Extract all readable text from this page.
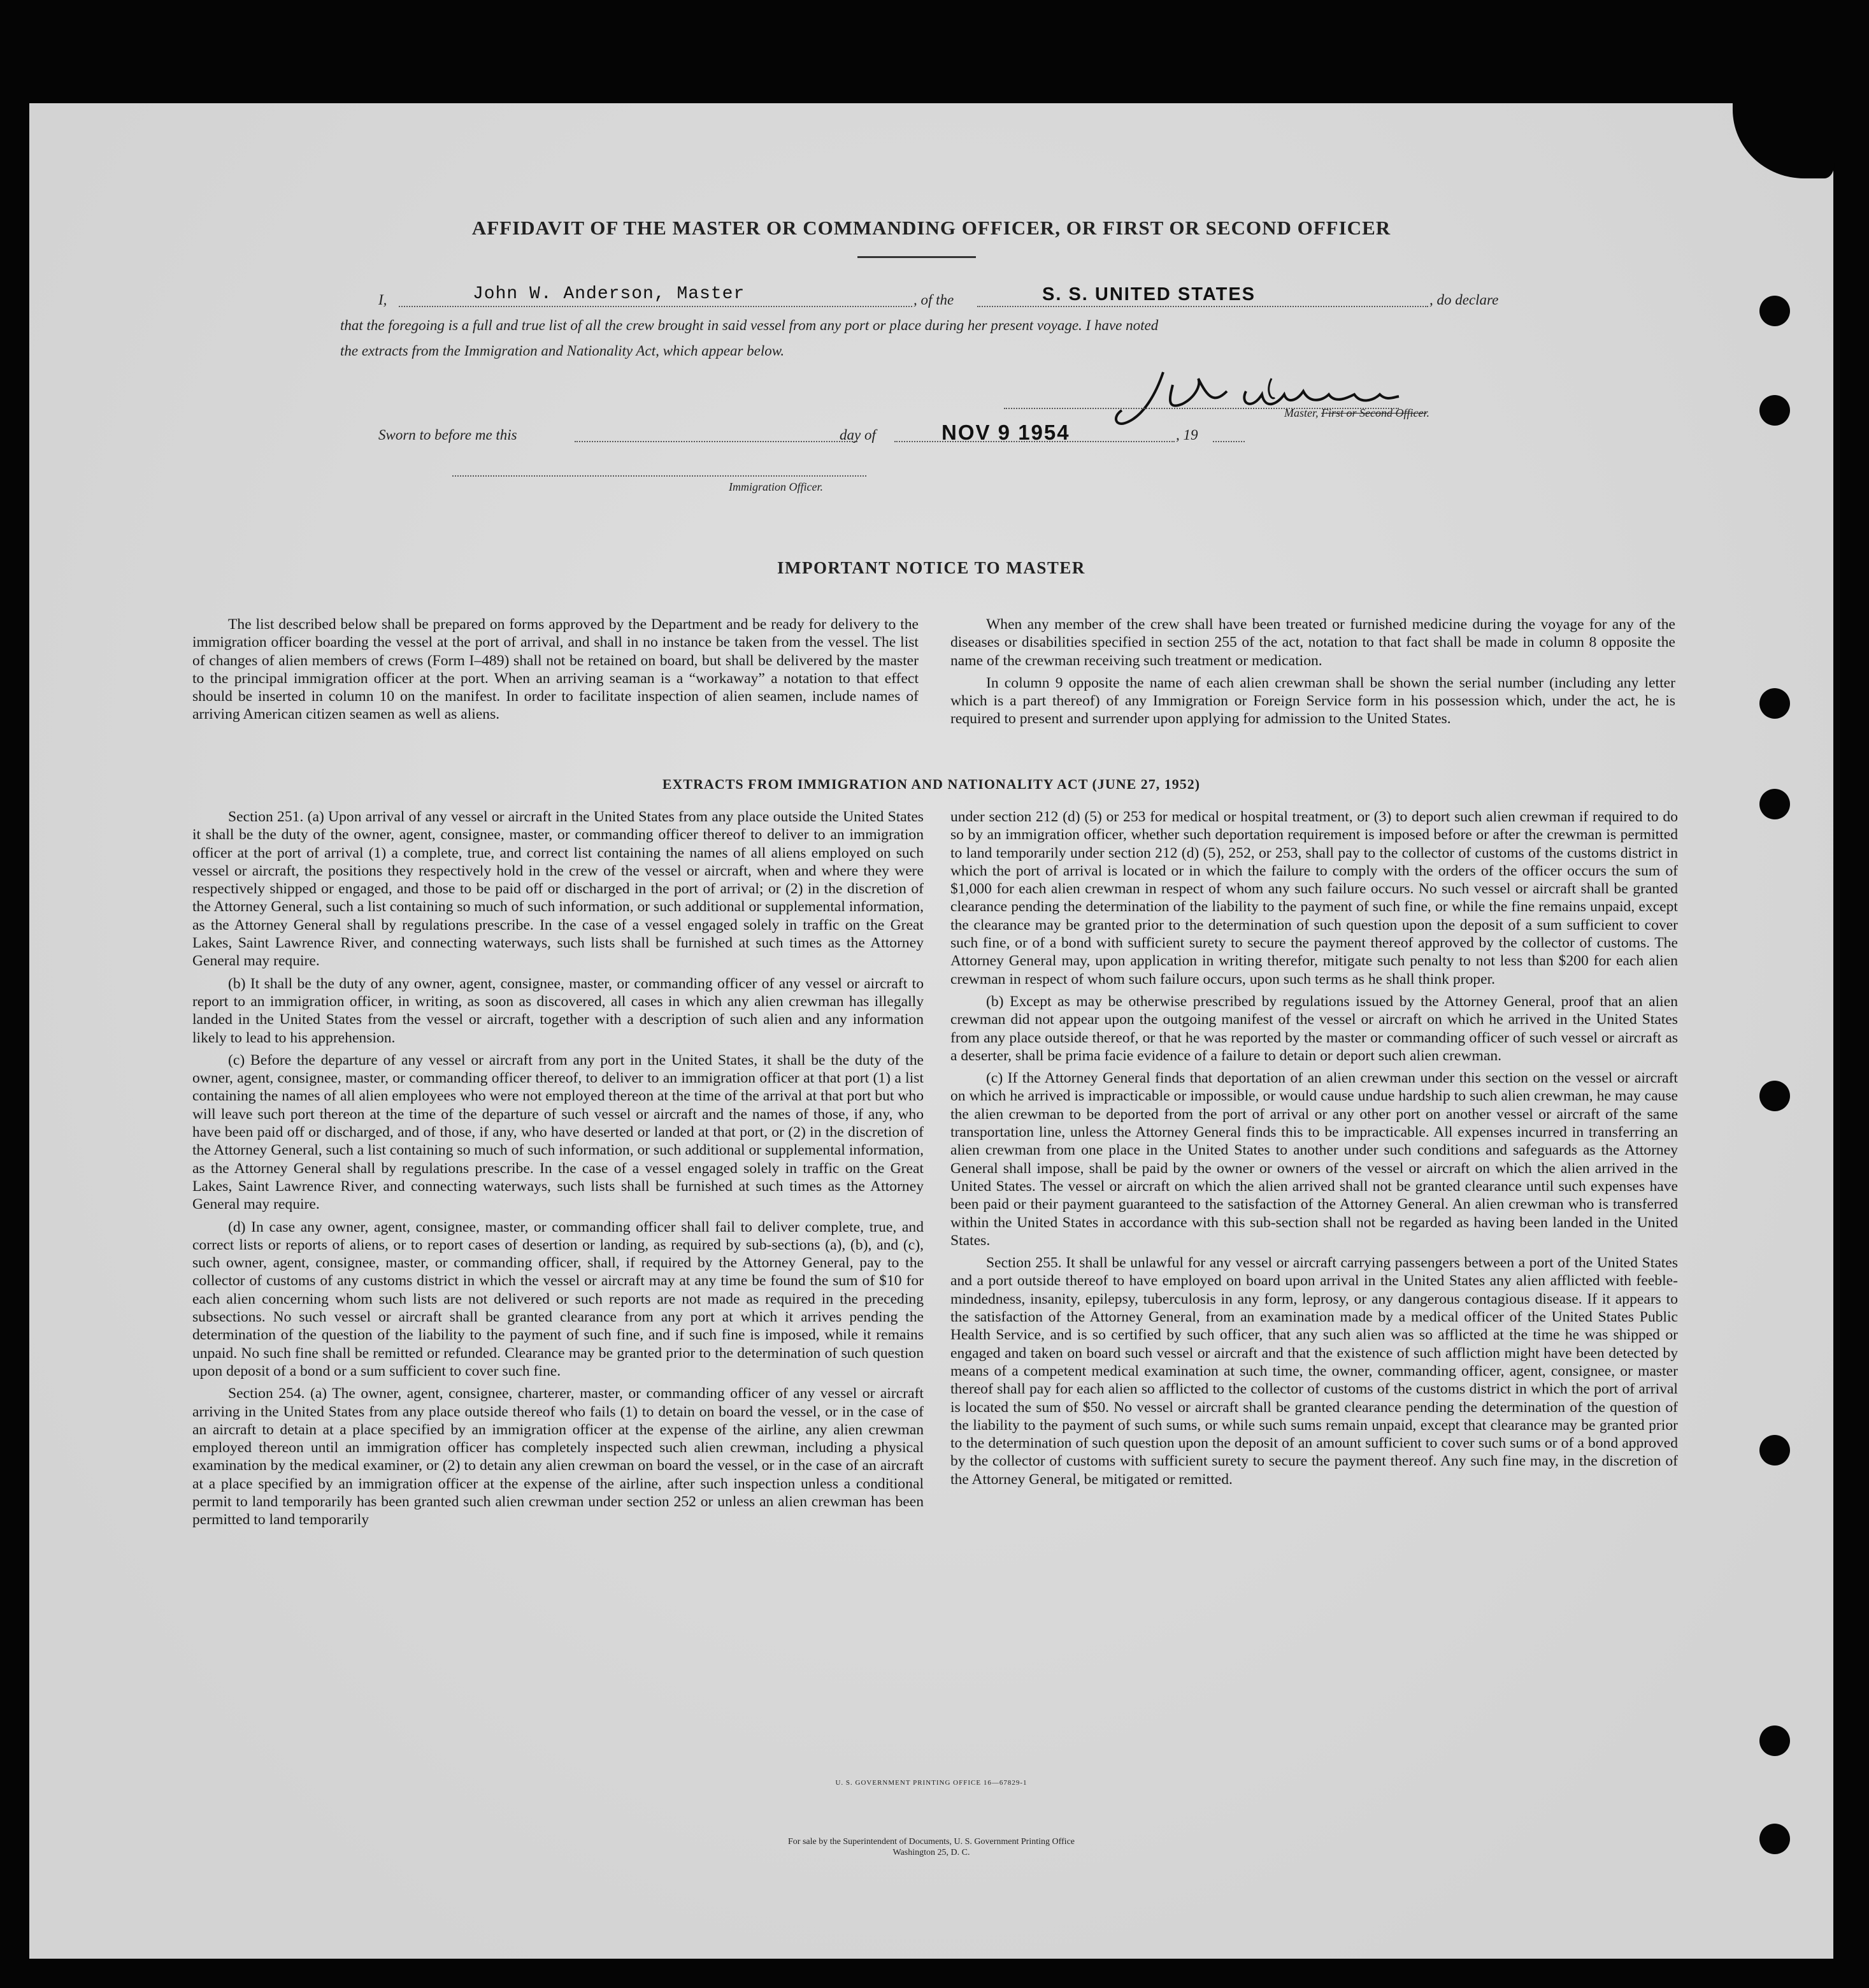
AFFIDAVIT OF THE MASTER OR COMMANDING OFFICER, OR FIRST OR SECOND OFFICER
I,	John W. Anderson, Master	, of the	S. S. UNITED STATES	, do declare
that the foregoing is a full and true list of all the crew brought in said vessel from any port or place during her present voyage. I have noted
the extracts from the Immigration and Nationality Act, which appear below.
Master, First or Second Officer.
Sworn to before me this	day of	NOV 9 1954	, 19
Immigration Officer.
IMPORTANT NOTICE TO MASTER

The list described below shall be prepared on forms approved by the Department and be ready for delivery to the immigration officer boarding the vessel at the port of arrival, and shall in no instance be taken from the vessel. The list of changes of alien members of crews (Form I–489) shall not be retained on board, but shall be delivered by the master to the principal immigration officer at the port. When an arriving seaman is a “workaway” a notation to that effect should be inserted in column 10 on the manifest. In order to facilitate inspection of alien seamen, include names of arriving American citizen seamen as well as aliens.

When any member of the crew shall have been treated or furnished medicine during the voyage for any of the diseases or disabilities specified in section 255 of the act, notation to that fact shall be made in column 8 opposite the name of the crewman receiving such treatment or medication.

In column 9 opposite the name of each alien crewman shall be shown the serial number (including any letter which is a part thereof) of any Immigration or Foreign Service form in his possession which, under the act, he is required to present and surrender upon applying for admission to the United States.

EXTRACTS FROM IMMIGRATION AND NATIONALITY ACT (JUNE 27, 1952)

Section 251. (a) Upon arrival of any vessel or aircraft in the United States from any place outside the United States it shall be the duty of the owner, agent, consignee, master, or commanding officer thereof to deliver to an immigration officer at the port of arrival (1) a complete, true, and correct list containing the names of all aliens employed on such vessel or aircraft, the positions they respectively hold in the crew of the vessel or aircraft, when and where they were respectively shipped or engaged, and those to be paid off or discharged in the port of arrival; or (2) in the discretion of the Attorney General, such a list containing so much of such information, or such additional or supplemental information, as the Attorney General shall by regulations prescribe. In the case of a vessel engaged solely in traffic on the Great Lakes, Saint Lawrence River, and connecting waterways, such lists shall be furnished at such times as the Attorney General may require.

(b) It shall be the duty of any owner, agent, consignee, master, or commanding officer of any vessel or aircraft to report to an immigration officer, in writing, as soon as discovered, all cases in which any alien crewman has illegally landed in the United States from the vessel or aircraft, together with a description of such alien and any information likely to lead to his apprehension.

(c) Before the departure of any vessel or aircraft from any port in the United States, it shall be the duty of the owner, agent, consignee, master, or commanding officer thereof, to deliver to an immigration officer at that port (1) a list containing the names of all alien employees who were not employed thereon at the time of the arrival at that port but who will leave such port thereon at the time of the departure of such vessel or aircraft and the names of those, if any, who have been paid off or discharged, and of those, if any, who have deserted or landed at that port, or (2) in the discretion of the Attorney General, such a list containing so much of such information, or such additional or supplemental information, as the Attorney General shall by regulations prescribe. In the case of a vessel engaged solely in traffic on the Great Lakes, Saint Lawrence River, and connecting waterways, such lists shall be furnished at such times as the Attorney General may require.

(d) In case any owner, agent, consignee, master, or commanding officer shall fail to deliver complete, true, and correct lists or reports of aliens, or to report cases of desertion or landing, as required by sub-sections (a), (b), and (c), such owner, agent, consignee, master, or commanding officer, shall, if required by the Attorney General, pay to the collector of customs of any customs district in which the vessel or aircraft may at any time be found the sum of $10 for each alien concerning whom such lists are not delivered or such reports are not made as required in the preceding subsections. No such vessel or aircraft shall be granted clearance from any port at which it arrives pending the determination of the question of the liability to the payment of such fine, and if such fine is imposed, while it remains unpaid. No such fine shall be remitted or refunded. Clearance may be granted prior to the determination of such question upon deposit of a bond or a sum sufficient to cover such fine.

Section 254. (a) The owner, agent, consignee, charterer, master, or commanding officer of any vessel or aircraft arriving in the United States from any place outside thereof who fails (1) to detain on board the vessel, or in the case of an aircraft to detain at a place specified by an immigration officer at the expense of the airline, any alien crewman employed thereon until an immigration officer has completely inspected such alien crewman, including a physical examination by the medical examiner, or (2) to detain any alien crewman on board the vessel, or in the case of an aircraft at a place specified by an immigration officer at the expense of the airline, after such inspection unless a conditional permit to land temporarily has been granted such alien crewman under section 252 or unless an alien crewman has been permitted to land temporarily

under section 212 (d) (5) or 253 for medical or hospital treatment, or (3) to deport such alien crewman if required to do so by an immigration officer, whether such deportation requirement is imposed before or after the crewman is permitted to land temporarily under section 212 (d) (5), 252, or 253, shall pay to the collector of customs of the customs district in which the port of arrival is located or in which the failure to comply with the orders of the officer occurs the sum of $1,000 for each alien crewman in respect of whom any such failure occurs. No such vessel or aircraft shall be granted clearance pending the determination of the liability to the payment of such fine, or while the fine remains unpaid, except the clearance may be granted prior to the determination of such question upon the deposit of a sum sufficient to cover such fine, or of a bond with sufficient surety to secure the payment thereof approved by the collector of customs. The Attorney General may, upon application in writing therefor, mitigate such penalty to not less than $200 for each alien crewman in respect of whom such failure occurs, upon such terms as he shall think proper.

(b) Except as may be otherwise prescribed by regulations issued by the Attorney General, proof that an alien crewman did not appear upon the outgoing manifest of the vessel or aircraft on which he arrived in the United States from any place outside thereof, or that he was reported by the master or commanding officer of such vessel or aircraft as a deserter, shall be prima facie evidence of a failure to detain or deport such alien crewman.

(c) If the Attorney General finds that deportation of an alien crewman under this section on the vessel or aircraft on which he arrived is impracticable or impossible, or would cause undue hardship to such alien crewman, he may cause the alien crewman to be deported from the port of arrival or any other port on another vessel or aircraft of the same transportation line, unless the Attorney General finds this to be impracticable. All expenses incurred in transferring an alien crewman from one place in the United States to another under such conditions and safeguards as the Attorney General shall impose, shall be paid by the owner or owners of the vessel or aircraft on which the alien arrived in the United States. The vessel or aircraft on which the alien arrived shall not be granted clearance until such expenses have been paid or their payment guaranteed to the satisfaction of the Attorney General. An alien crewman who is transferred within the United States in accordance with this sub-section shall not be regarded as having been landed in the United States.

Section 255. It shall be unlawful for any vessel or aircraft carrying passengers between a port of the United States and a port outside thereof to have employed on board upon arrival in the United States any alien afflicted with feeble-mindedness, insanity, epilepsy, tuberculosis in any form, leprosy, or any dangerous contagious disease. If it appears to the satisfaction of the Attorney General, from an examination made by a medical officer of the United States Public Health Service, and is so certified by such officer, that any such alien was so afflicted at the time he was shipped or engaged and taken on board such vessel or aircraft and that the existence of such affliction might have been detected by means of a competent medical examination at such time, the owner, commanding officer, agent, consignee, or master thereof shall pay for each alien so afflicted to the collector of customs of the customs district in which the port of arrival is located the sum of $50. No vessel or aircraft shall be granted clearance pending the determination of the question of the liability to the payment of such sums, or while such sums remain unpaid, except that clearance may be granted prior to the determination of such question upon the deposit of an amount sufficient to cover such sums or of a bond approved by the collector of customs with sufficient surety to secure the payment thereof. Any such fine may, in the discretion of the Attorney General, be mitigated or remitted.

U. S. GOVERNMENT PRINTING OFFICE 16—67829-1
For sale by the Superintendent of Documents, U. S. Government Printing Office
Washington 25, D. C.
